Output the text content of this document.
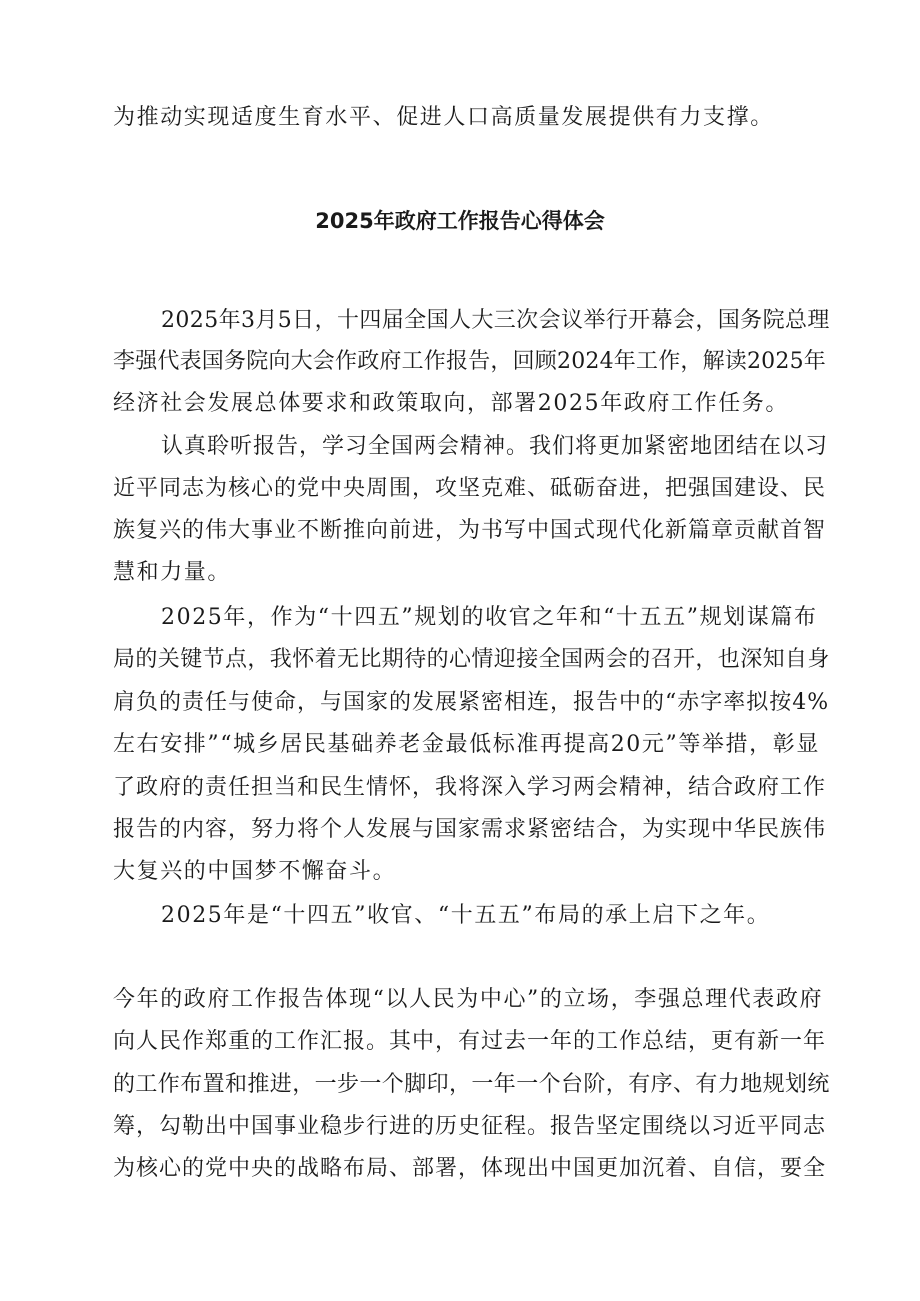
为推动实现适度生育水平、促进人口高质量发展提供有力支撑。
2025年政府工作报告心得体会
2025年3月5日，十四届全国人大三次会议举行开幕会，国务院总理
李强代表国务院向大会作政府工作报告，回顾2024年工作，解读2025年
经济社会发展总体要求和政策取向，部署2025年政府工作任务。
认真聆听报告，学习全国两会精神。我们将更加紧密地团结在以习
近平同志为核心的党中央周围，攻坚克难、砥砺奋进，把强国建设、民
族复兴的伟大事业不断推向前进，为书写中国式现代化新篇章贡献首智
慧和力量。
2025年，作为“十四五”规划的收官之年和“十五五”规划谋篇布
局的关键节点，我怀着无比期待的心情迎接全国两会的召开，也深知自身
肩负的责任与使命，与国家的发展紧密相连，报告中的“赤字率拟按4%
左右安排”“城乡居民基础养老金最低标准再提高20元”等举措，彰显
了政府的责任担当和民生情怀，我将深入学习两会精神，结合政府工作
报告的内容，努力将个人发展与国家需求紧密结合，为实现中华民族伟
大复兴的中国梦不懈奋斗。
2025年是“十四五”收官、“十五五”布局的承上启下之年。
今年的政府工作报告体现“以人民为中心”的立场，李强总理代表政府
向人民作郑重的工作汇报。其中，有过去一年的工作总结，更有新一年
的工作布置和推进，一步一个脚印，一年一个台阶，有序、有力地规划统
筹，勾勒出中国事业稳步行进的历史征程。报告坚定围绕以习近平同志
为核心的党中央的战略布局、部署，体现出中国更加沉着、自信，要全
